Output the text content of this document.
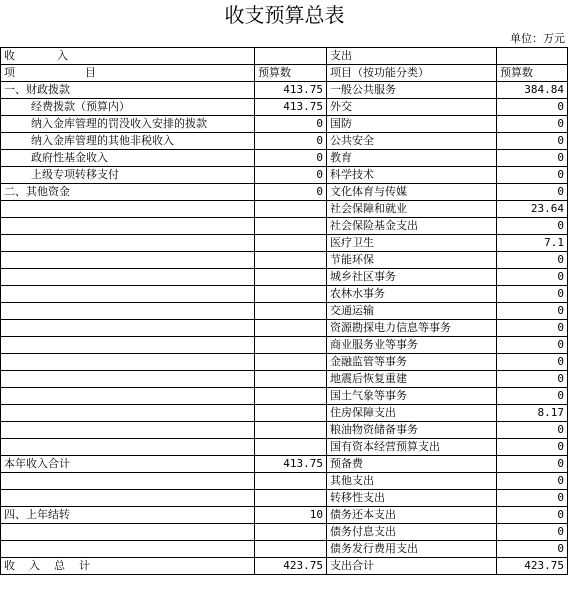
收支预算总表
单位：万元
收            入		支出	
项                    目	预算数	项目（按功能分类）	预算数
一、财政拨款	413.75	一般公共服务	384.84
经费拨款（预算内）	413.75	外交	0
纳入金库管理的罚没收入安排的拨款	0	国防	0
纳入金库管理的其他非税收入	0	公共安全	0
政府性基金收入	0	教育	0
上级专项转移支付	0	科学技术	0
二、其他资金	0	文化体育与传媒	0
		社会保障和就业	23.64
		社会保险基金支出	0
		医疗卫生	7.1
		节能环保	0
		城乡社区事务	0
		农林水事务	0
		交通运输	0
		资源勘探电力信息等事务	0
		商业服务业等事务	0
		金融监管等事务	0
		地震后恢复重建	0
		国土气象等事务	0
		住房保障支出	8.17
		粮油物资储备事务	0
		国有资本经营预算支出	0
本年收入合计	413.75	预备费	0
		其他支出	0
		转移性支出	0
四、上年结转	10	债务还本支出	0
		债务付息支出	0
		债务发行费用支出	0
收    入    总    计	423.75	支出合计	423.75
